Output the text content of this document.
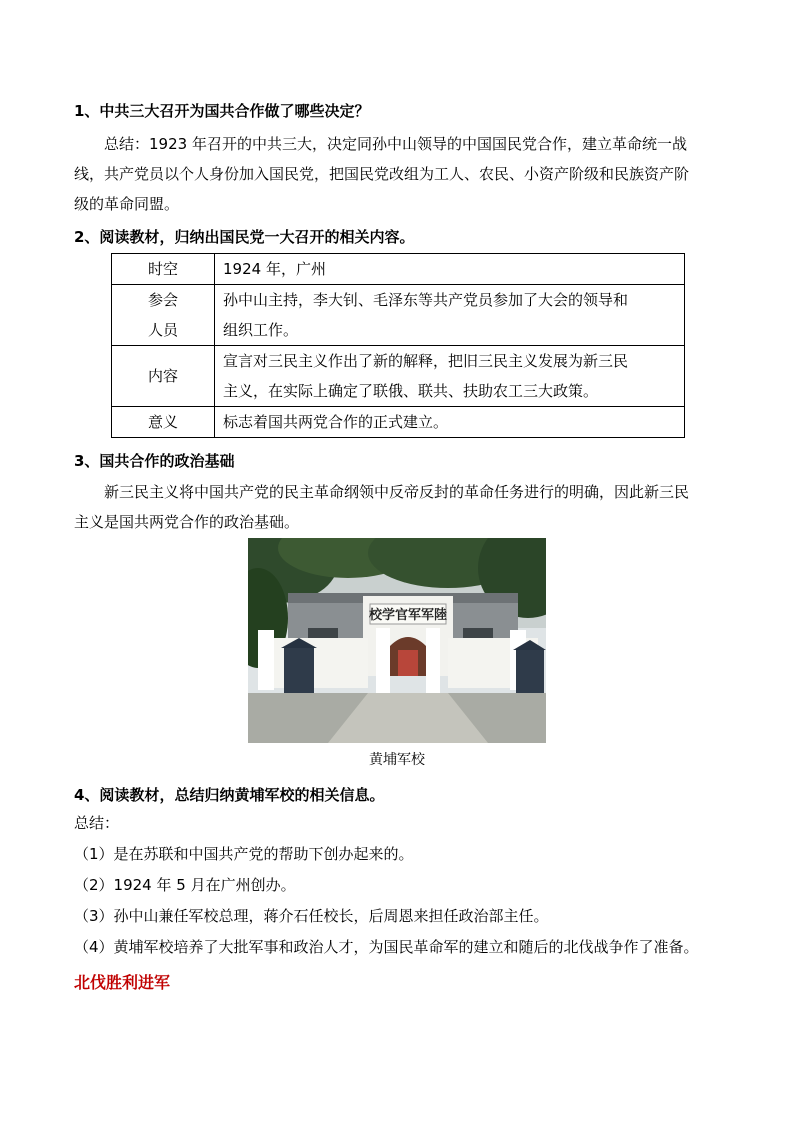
1、中共三大召开为国共合作做了哪些决定？
总结：1923 年召开的中共三大，决定同孙中山领导的中国国民党合作，建立革命统一战
线，共产党员以个人身份加入国民党，把国民党改组为工人、农民、小资产阶级和民族资产阶
级的革命同盟。
2、阅读教材，归纳出国民党一大召开的相关内容。
时空	1924 年，广州
参会
人员	孙中山主持，李大钊、毛泽东等共产党员参加了大会的领导和
组织工作。
内容	宣言对三民主义作出了新的解释，把旧三民主义发展为新三民
主义，在实际上确定了联俄、联共、扶助农工三大政策。
意义	标志着国共两党合作的正式建立。
3、国共合作的政治基础
新三民主义将中国共产党的民主革命纲领中反帝反封的革命任务进行的明确，因此新三民
主义是国共两党合作的政治基础。
校学官军军陸
黄埔军校
4、阅读教材，总结归纳黄埔军校的相关信息。
总结：
（1）是在苏联和中国共产党的帮助下创办起来的。
（2）1924 年 5 月在广州创办。
（3）孙中山兼任军校总理，蒋介石任校长，后周恩来担任政治部主任。
（4）黄埔军校培养了大批军事和政治人才，为国民革命军的建立和随后的北伐战争作了准备。
北伐胜利进军
